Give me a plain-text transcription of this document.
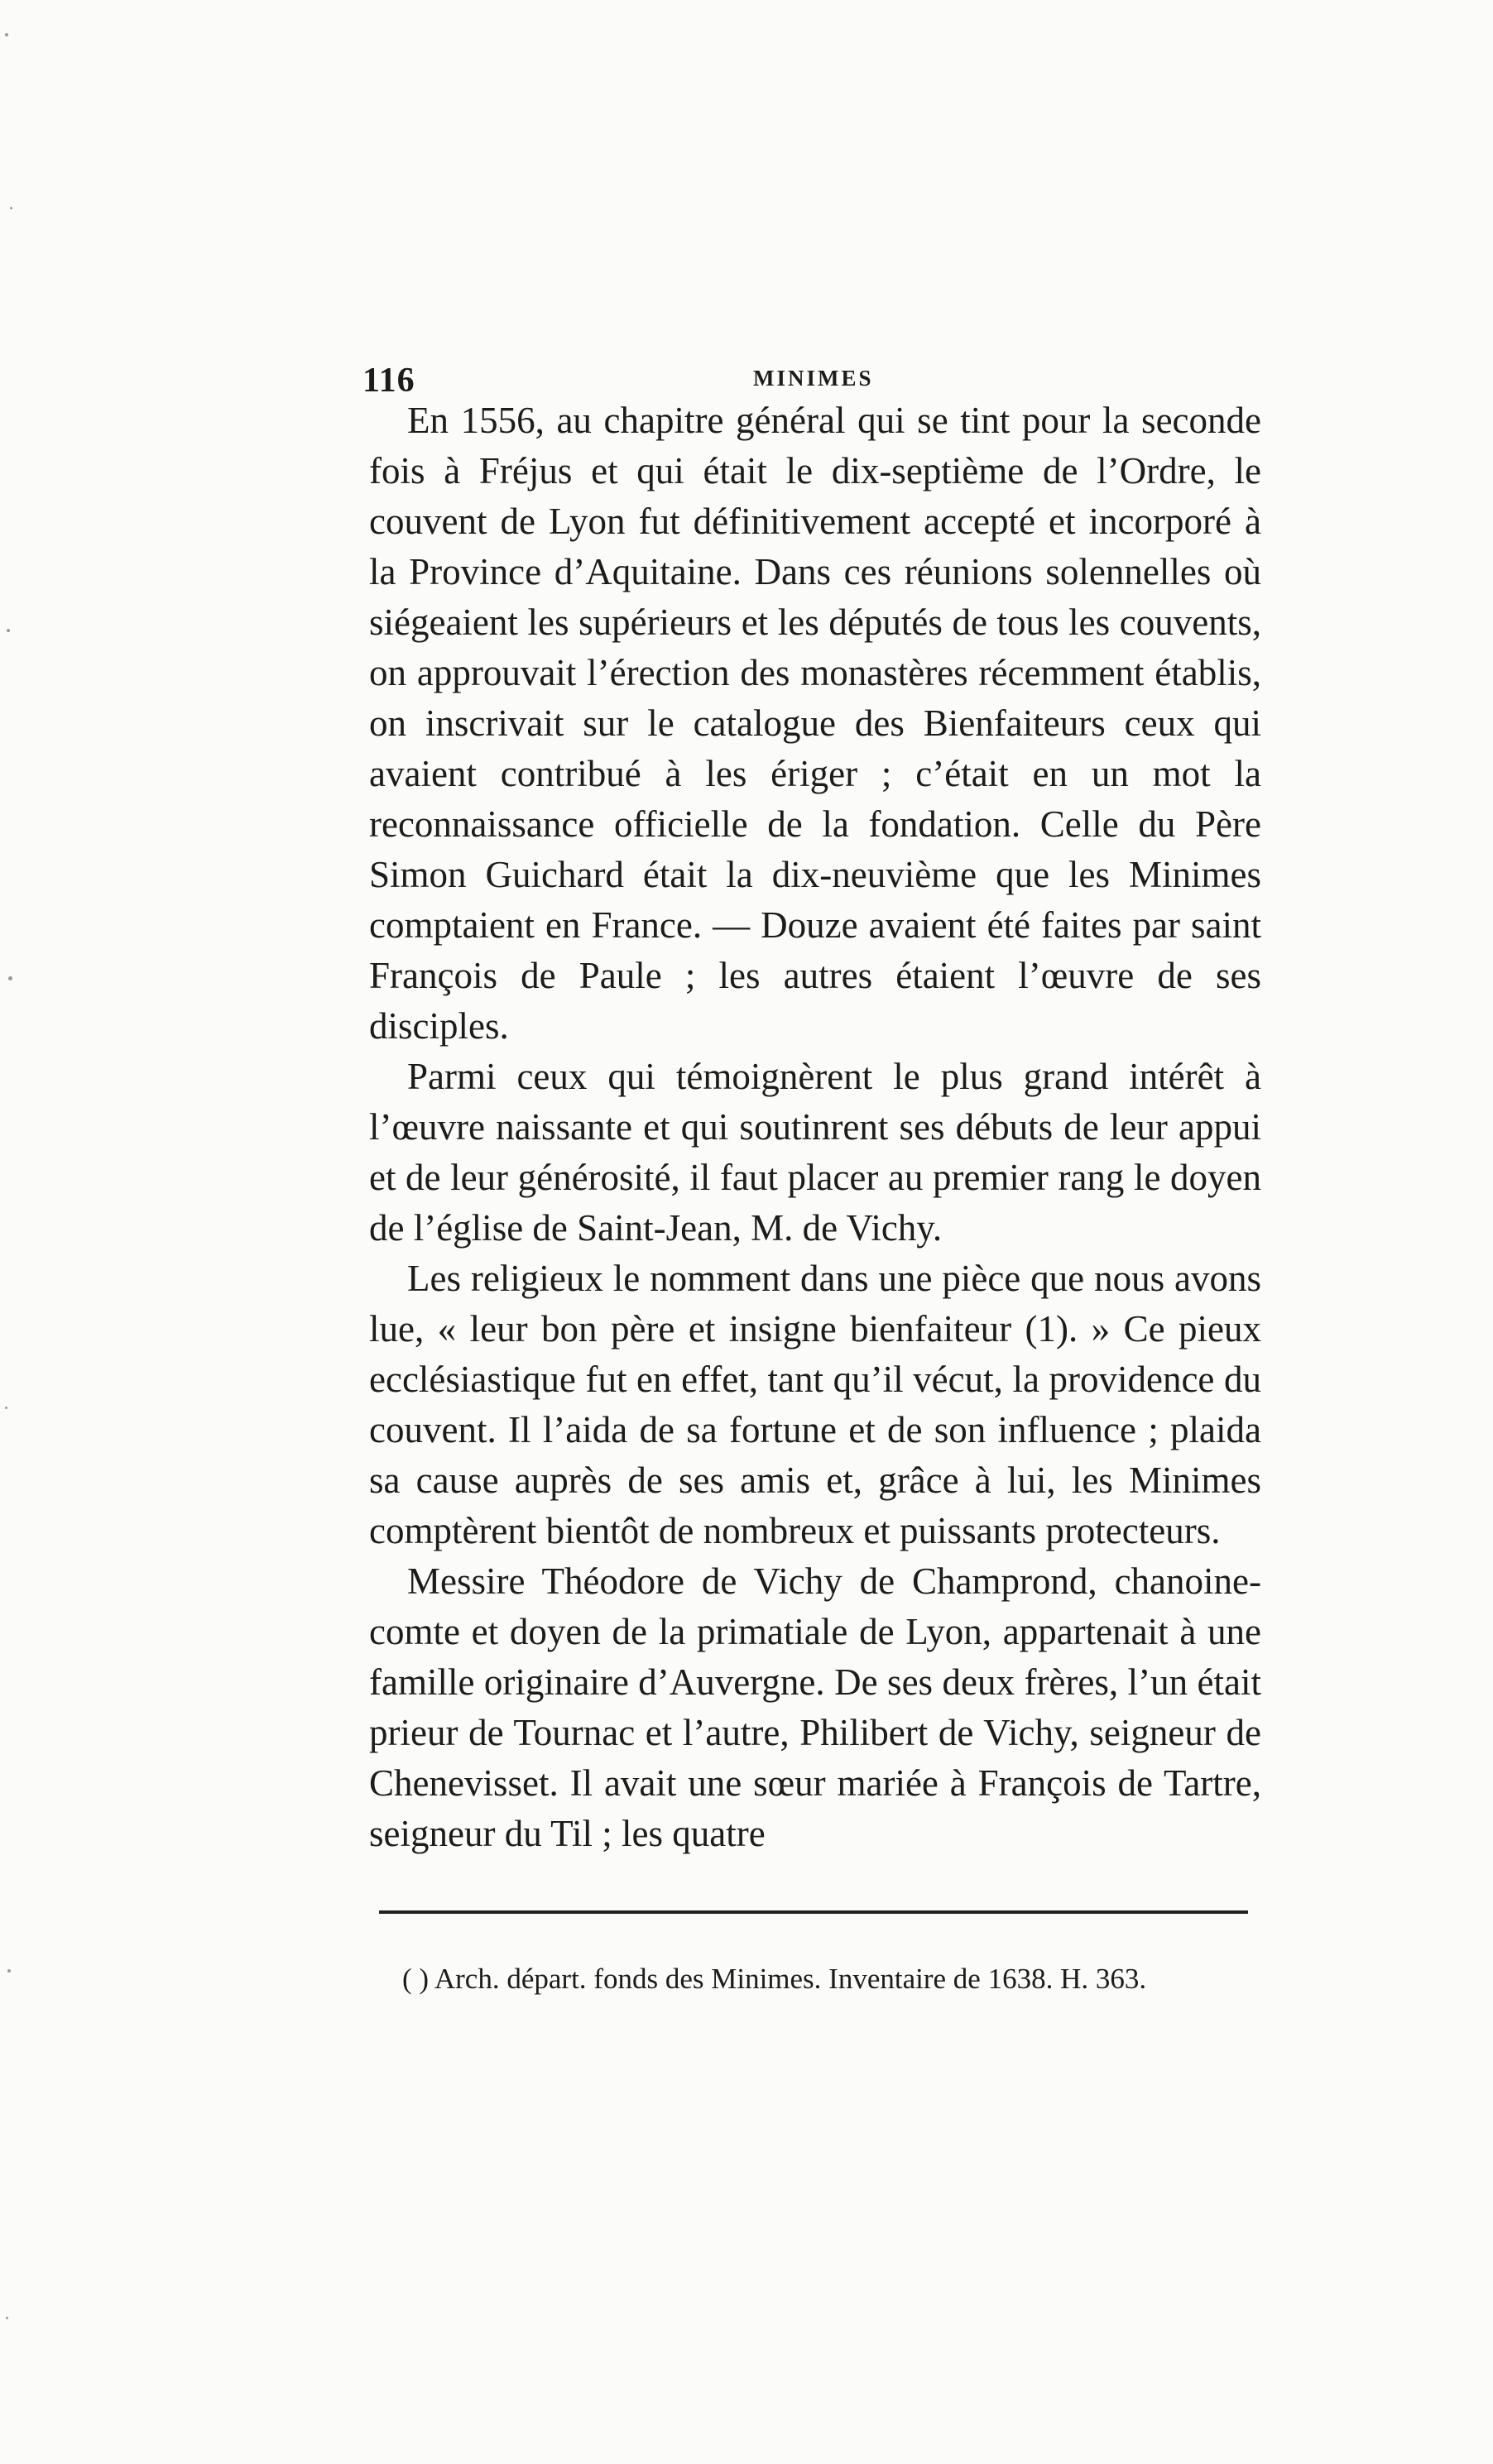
116	MINIMES

En 1556, au chapitre général qui se tint pour la seconde fois à Fréjus et qui était le dix-septième de l’Ordre, le couvent de Lyon fut définitivement accepté et incorporé à la Province d’Aquitaine. Dans ces réunions solennelles où siégeaient les supérieurs et les députés de tous les couvents, on approuvait l’érection des monastères récemment établis, on inscrivait sur le catalogue des Bienfaiteurs ceux qui avaient contribué à les ériger ; c’était en un mot la reconnaissance officielle de la fondation. Celle du Père Simon Guichard était la dix-neuvième que les Minimes comptaient en France. — Douze avaient été faites par saint François de Paule ; les autres étaient l’œuvre de ses disciples.

Parmi ceux qui témoignèrent le plus grand intérêt à l’œuvre naissante et qui soutinrent ses débuts de leur appui et de leur générosité, il faut placer au premier rang le doyen de l’église de Saint-Jean, M. de Vichy.

Les religieux le nomment dans une pièce que nous avons lue, « leur bon père et insigne bienfaiteur (1). » Ce pieux ecclésiastique fut en effet, tant qu’il vécut, la providence du couvent. Il l’aida de sa fortune et de son influence ; plaida sa cause auprès de ses amis et, grâce à lui, les Minimes comptèrent bientôt de nombreux et puissants protecteurs.

Messire Théodore de Vichy de Champrond, chanoine-comte et doyen de la primatiale de Lyon, appartenait à une famille originaire d’Auvergne. De ses deux frères, l’un était prieur de Tournac et l’autre, Philibert de Vichy, seigneur de Chenevisset. Il avait une sœur mariée à François de Tartre, seigneur du Til ; les quatre

( ) Arch. départ. fonds des Minimes. Inventaire de 1638. H. 363.
